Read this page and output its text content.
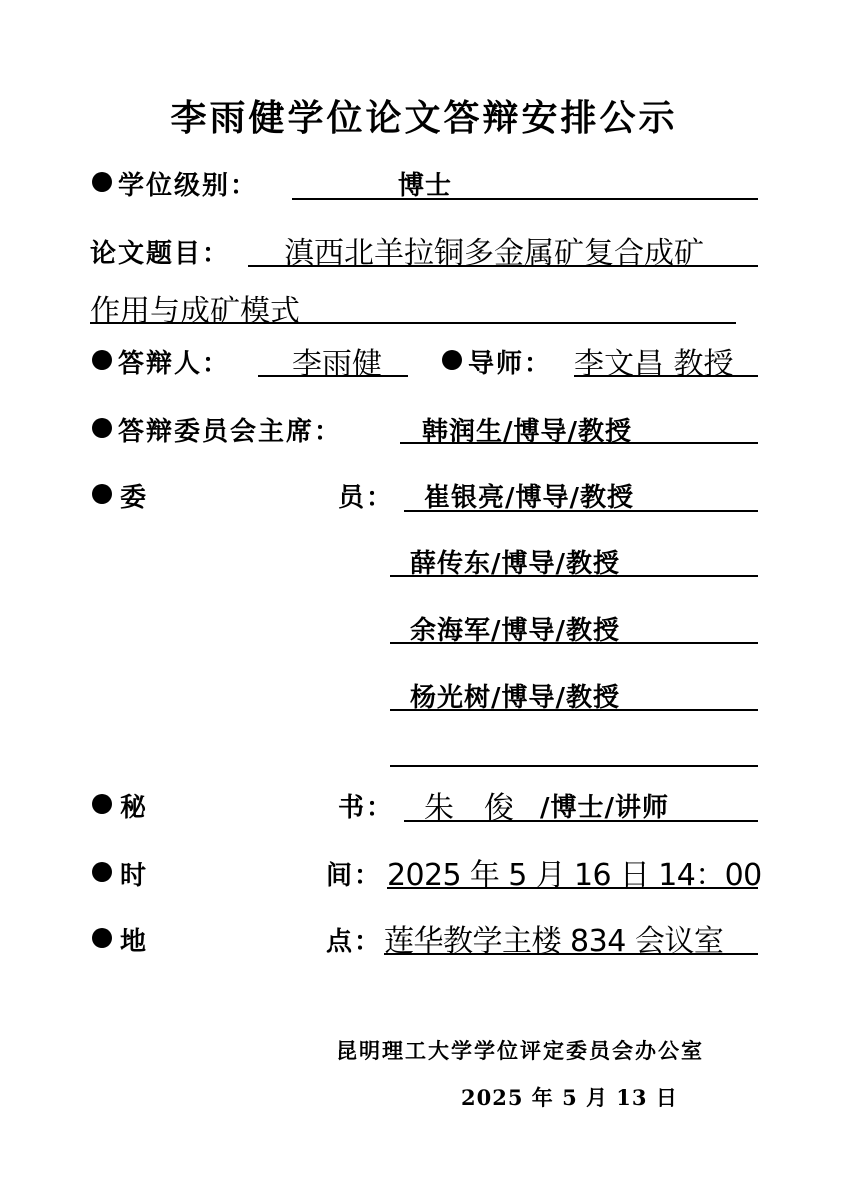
李雨健学位论文答辩安排公示
学位级别：	博士
论文题目： 滇西北羊拉铜多金属矿复合成矿
作用与成矿模式
答辩人： 李雨健	导师： 李文昌 教授
答辩委员会主席：	韩润生/博导/教授
委	员： 崔银亮/博导/教授
薛传东/博导/教授
余海军/博导/教授
杨光树/博导/教授
秘	书： 朱　俊 /博士/讲师
时	间： 2025 年 5 月 16 日 14：00
地	点： 莲华教学主楼 834 会议室
昆明理工大学学位评定委员会办公室
2025 年 5 月 13 日
